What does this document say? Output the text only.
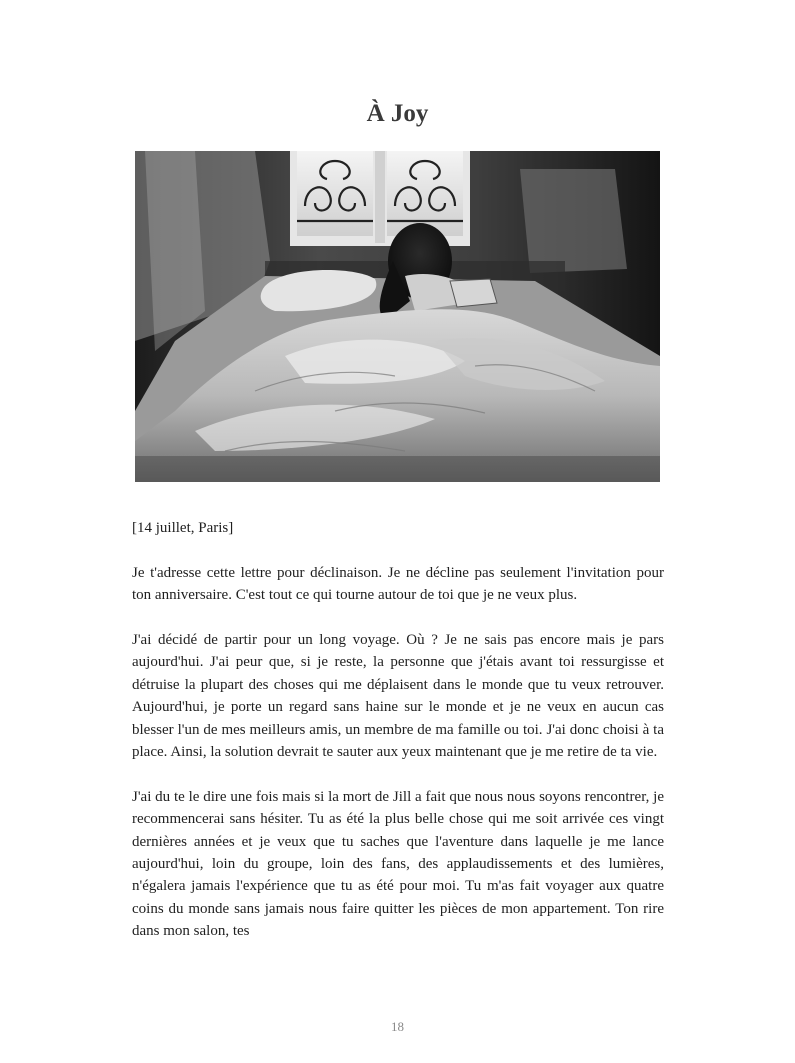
À Joy

[14 juillet, Paris]

Je t'adresse cette lettre pour déclinaison. Je ne décline pas seulement l'invitation pour ton anniversaire. C'est tout ce qui tourne autour de toi que je ne veux plus.

J'ai décidé de partir pour un long voyage. Où ? Je ne sais pas encore mais je pars aujourd'hui. J'ai peur que, si je reste, la personne que j'étais avant toi ressurgisse et détruise la plupart des choses qui me déplaisent dans le monde que tu veux retrouver. Aujourd'hui, je porte un regard sans haine sur le monde et je ne veux en aucun cas blesser l'un de mes meilleurs amis, un membre de ma famille ou toi. J'ai donc choisi à ta place. Ainsi, la solution devrait te sauter aux yeux maintenant que je me retire de ta vie.

J'ai du te le dire une fois mais si la mort de Jill a fait que nous nous soyons rencontrer, je recommencerai sans hésiter. Tu as été la plus belle chose qui me soit arrivée ces vingt dernières années et je veux que tu saches que l'aventure dans laquelle je me lance aujourd'hui, loin du groupe, loin des fans, des applaudissements et des lumières, n'égalera jamais l'expérience que tu as été pour moi. Tu m'as fait voyager aux quatre coins du monde sans jamais nous faire quitter les pièces de mon appartement. Ton rire dans mon salon, tes

18
